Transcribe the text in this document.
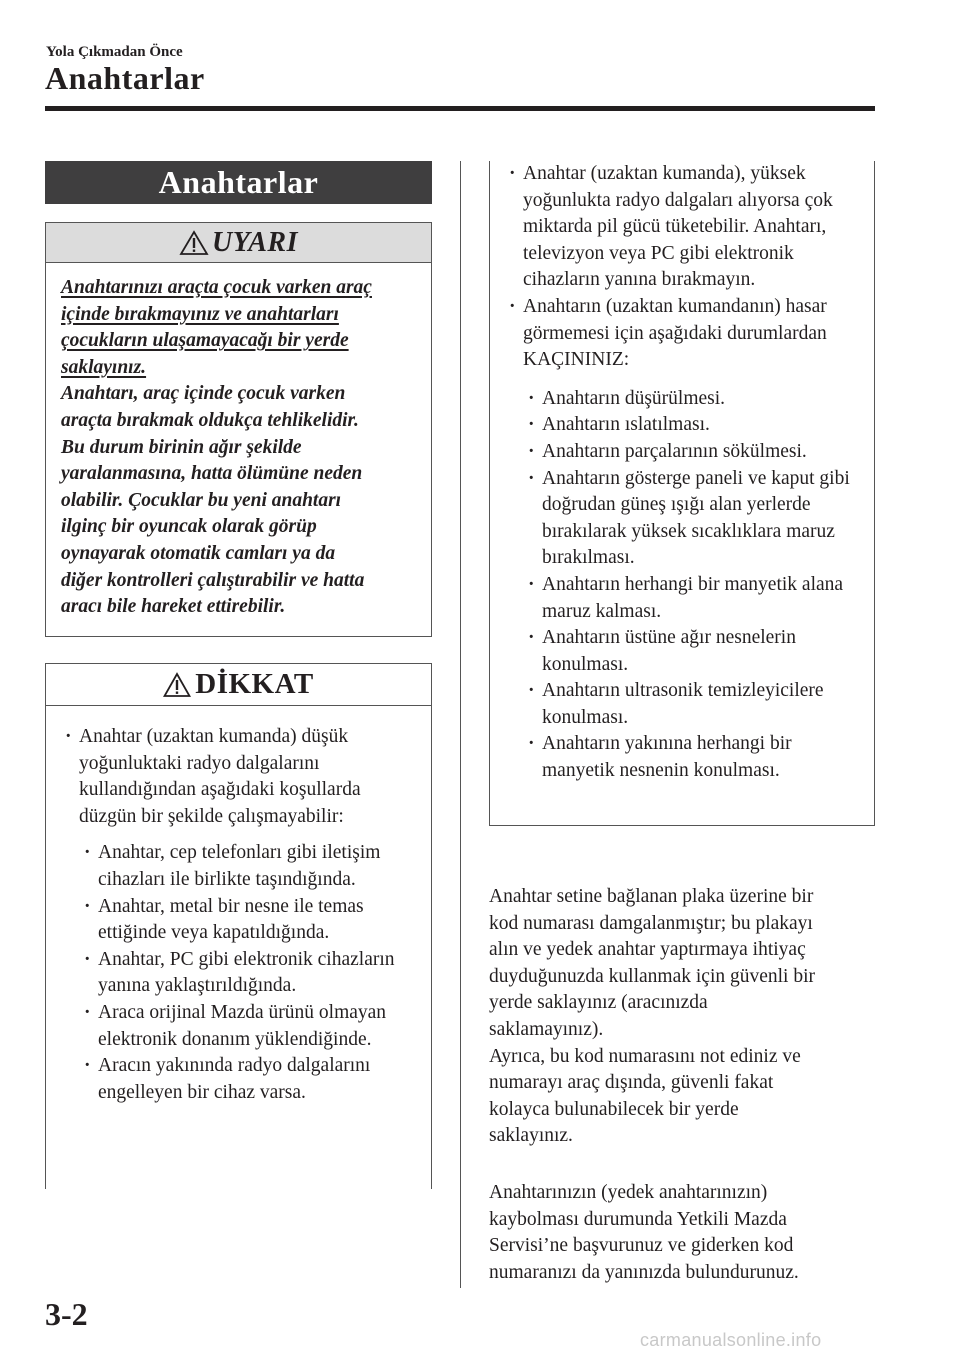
Yola Çıkmadan Önce
Anahtarlar
Anahtarlar
UYARI
Anahtarınızı araçta çocuk varken araç
içinde bırakmayınız ve anahtarları
çocukların ulaşamayacağı bir yerde
saklayınız.
Anahtarı, araç içinde çocuk varken
araçta bırakmak oldukça tehlikelidir.
Bu durum birinin ağır şekilde
yaralanmasına, hatta ölümüne neden
olabilir. Çocuklar bu yeni anahtarı
ilginç bir oyuncak olarak görüp
oynayarak otomatik camları ya da
diğer kontrolleri çalıştırabilir ve hatta
aracı bile hareket ettirebilir.
DİKKAT
· Anahtar (uzaktan kumanda) düşük yoğunluktaki radyo dalgalarını kullandığından aşağıdaki koşullarda düzgün bir şekilde çalışmayabilir:
· Anahtar, cep telefonları gibi iletişim cihazları ile birlikte taşındığında.
· Anahtar, metal bir nesne ile temas ettiğinde veya kapatıldığında.
· Anahtar, PC gibi elektronik cihazların yanına yaklaştırıldığında.
· Araca orijinal Mazda ürünü olmayan elektronik donanım yüklendiğinde.
· Aracın yakınında radyo dalgalarını engelleyen bir cihaz varsa.
· Anahtar (uzaktan kumanda), yüksek yoğunlukta radyo dalgaları alıyorsa çok miktarda pil gücü tüketebilir. Anahtarı, televizyon veya PC gibi elektronik cihazların yanına bırakmayın.
· Anahtarın (uzaktan kumandanın) hasar görmemesi için aşağıdaki durumlardan KAÇININIZ:
· Anahtarın düşürülmesi.
· Anahtarın ıslatılması.
· Anahtarın parçalarının sökülmesi.
· Anahtarın gösterge paneli ve kaput gibi doğrudan güneş ışığı alan yerlerde bırakılarak yüksek sıcaklıklara maruz bırakılması.
· Anahtarın herhangi bir manyetik alana maruz kalması.
· Anahtarın üstüne ağır nesnelerin konulması.
· Anahtarın ultrasonik temizleyicilere konulması.
· Anahtarın yakınına herhangi bir manyetik nesnenin konulması.
Anahtar setine bağlanan plaka üzerine bir
kod numarası damgalanmıştır; bu plakayı
alın ve yedek anahtar yaptırmaya ihtiyaç
duyduğunuzda kullanmak için güvenli bir
yerde saklayınız (aracınızda
saklamayınız).
Ayrıca, bu kod numarasını not ediniz ve
numarayı araç dışında, güvenli fakat
kolayca bulunabilecek bir yerde
saklayınız.
Anahtarınızın (yedek anahtarınızın)
kaybolması durumunda Yetkili Mazda
Servisi’ne başvurunuz ve giderken kod
numaranızı da yanınızda bulundurunuz.
3-2
carmanualsonline.info
